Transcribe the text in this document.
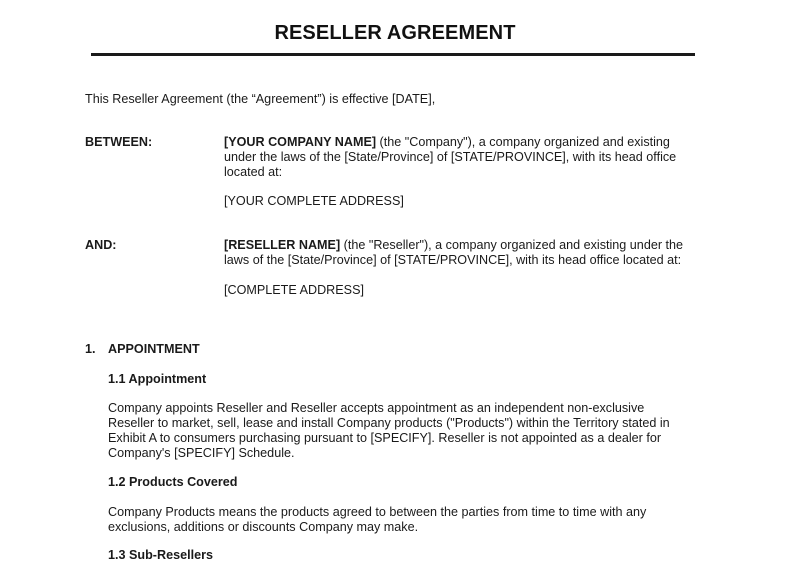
RESELLER AGREEMENT
This Reseller Agreement (the “Agreement”) is effective [DATE],
BETWEEN:	[YOUR COMPANY NAME] (the "Company"), a company organized and existing
under the laws of the [State/Province] of [STATE/PROVINCE], with its head office
located at:
[YOUR COMPLETE ADDRESS]
AND:	[RESELLER NAME] (the "Reseller"), a company organized and existing under the
laws of the [State/Province] of [STATE/PROVINCE], with its head office located at:
[COMPLETE ADDRESS]
1. APPOINTMENT
1.1 Appointment
Company appoints Reseller and Reseller accepts appointment as an independent non-exclusive
Reseller to market, sell, lease and install Company products ("Products") within the Territory stated in
Exhibit A to consumers purchasing pursuant to [SPECIFY]. Reseller is not appointed as a dealer for
Company's [SPECIFY] Schedule.
1.2 Products Covered
Company Products means the products agreed to between the parties from time to time with any
exclusions, additions or discounts Company may make.
1.3 Sub-Resellers
